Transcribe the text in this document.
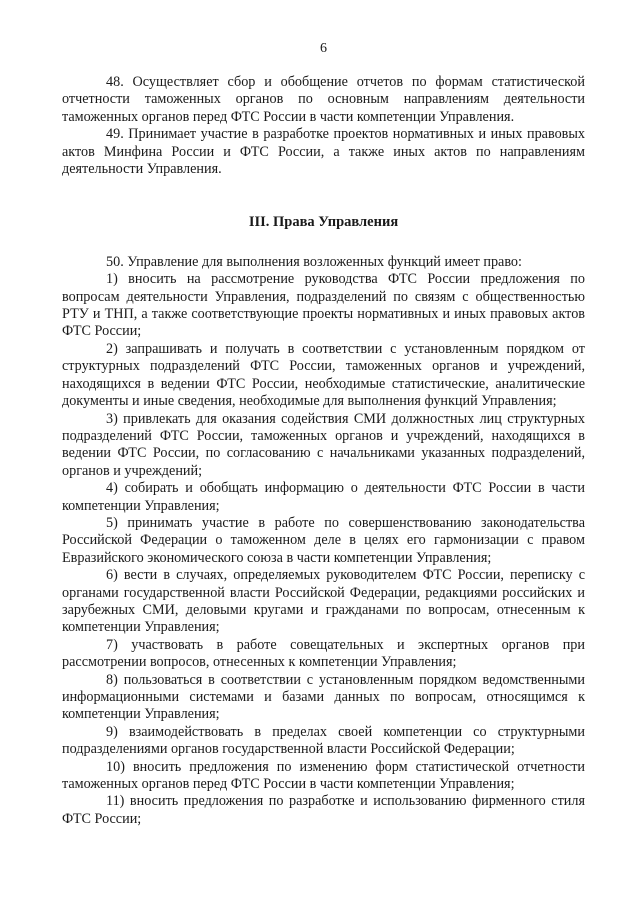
6

48. Осуществляет сбор и обобщение отчетов по формам статистической отчетности таможенных органов по основным направлениям деятельности таможенных органов перед ФТС России в части компетенции Управления.

49. Принимает участие в разработке проектов нормативных и иных правовых актов Минфина России и ФТС России, а также иных актов по направлениям деятельности Управления.

III. Права Управления

50. Управление для выполнения возложенных функций имеет право:

1) вносить на рассмотрение руководства ФТС России предложения по вопросам деятельности Управления, подразделений по связям с общественностью РТУ и ТНП, а также соответствующие проекты нормативных и иных правовых актов ФТС России;

2) запрашивать и получать в соответствии с установленным порядком от структурных подразделений ФТС России, таможенных органов и учреждений, находящихся в ведении ФТС России, необходимые статистические, аналитические документы и иные сведения, необходимые для выполнения функций Управления;

3) привлекать для оказания содействия СМИ должностных лиц структурных подразделений ФТС России, таможенных органов и учреждений, находящихся в ведении ФТС России, по согласованию с начальниками указанных подразделений, органов и учреждений;

4) собирать и обобщать информацию о деятельности ФТС России в части компетенции Управления;

5) принимать участие в работе по совершенствованию законодательства Российской Федерации о таможенном деле в целях его гармонизации с правом Евразийского экономического союза в части компетенции Управления;

6) вести в случаях, определяемых руководителем ФТС России, переписку с органами государственной власти Российской Федерации, редакциями российских и зарубежных СМИ, деловыми кругами и гражданами по вопросам, отнесенным к компетенции Управления;

7) участвовать в работе совещательных и экспертных органов при рассмотрении вопросов, отнесенных к компетенции Управления;

8) пользоваться в соответствии с установленным порядком ведомственными информационными системами и базами данных по вопросам, относящимся к компетенции Управления;

9) взаимодействовать в пределах своей компетенции со структурными подразделениями органов государственной власти Российской Федерации;

10) вносить предложения по изменению форм статистической отчетности таможенных органов перед ФТС России в части компетенции Управления;

11) вносить предложения по разработке и использованию фирменного стиля ФТС России;
